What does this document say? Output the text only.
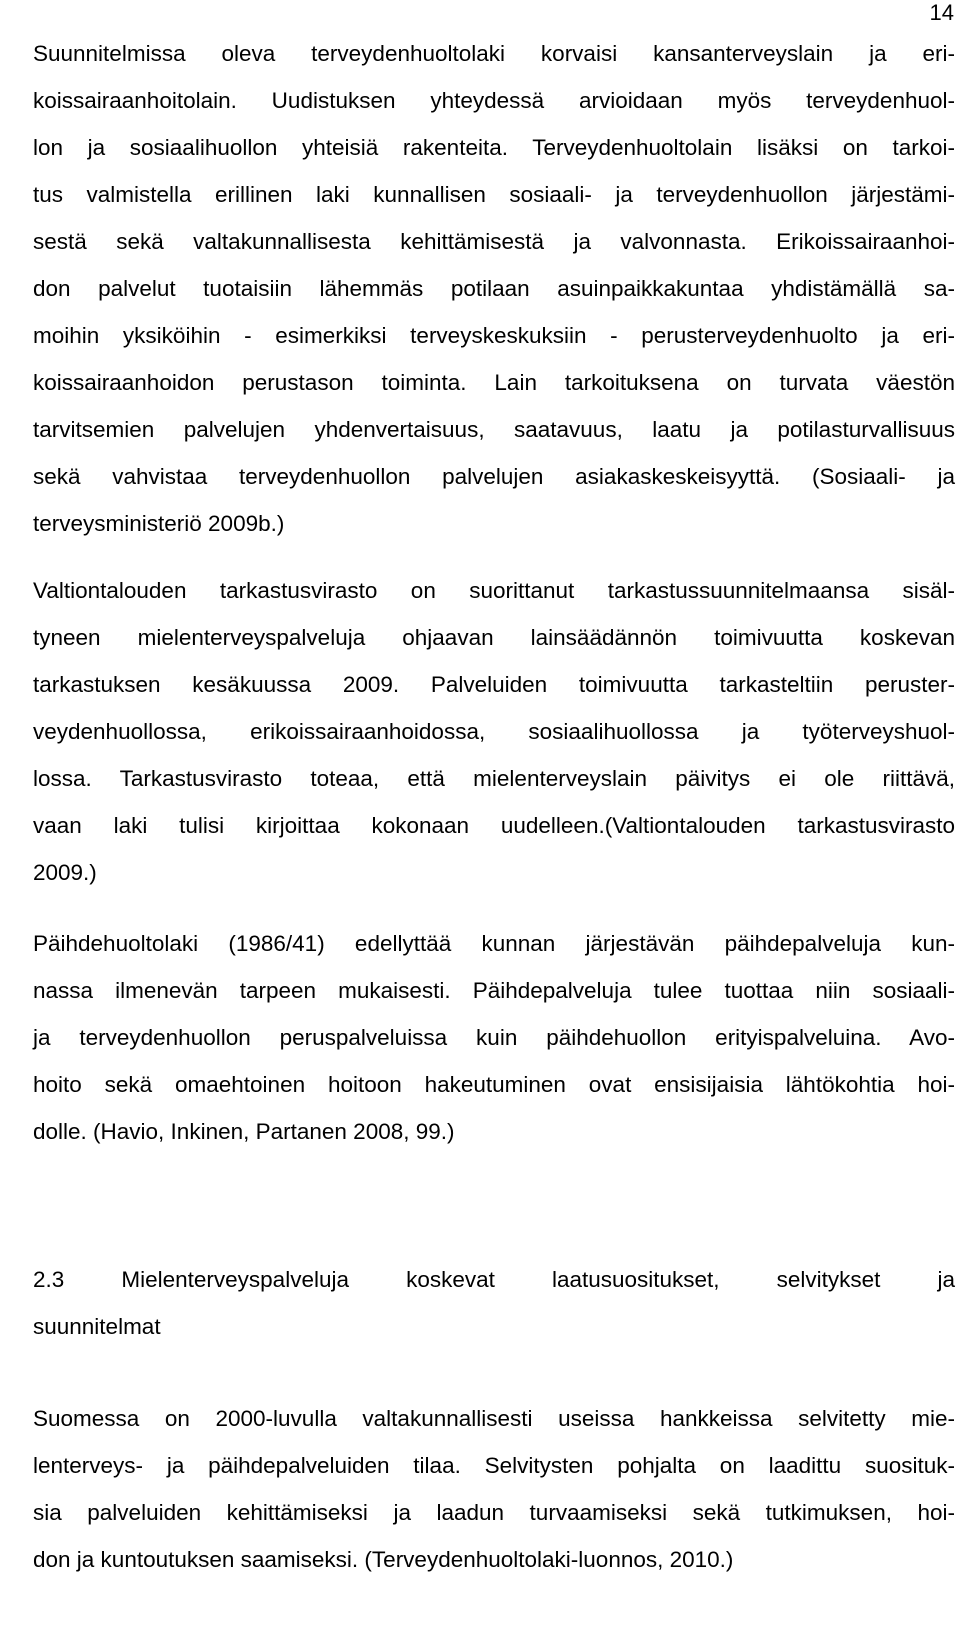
14
Suunnitelmissa oleva terveydenhuoltolaki korvaisi kansanterveyslain ja eri-
koissairaanhoitolain. Uudistuksen yhteydessä arvioidaan myös terveydenhuol-
lon ja sosiaalihuollon yhteisiä rakenteita. Terveydenhuoltolain lisäksi on tarkoi-
tus valmistella erillinen laki kunnallisen sosiaali- ja terveydenhuollon järjestämi-
sestä sekä valtakunnallisesta kehittämisestä ja valvonnasta. Erikoissairaanhoi-
don palvelut tuotaisiin lähemmäs potilaan asuinpaikkakuntaa yhdistämällä sa-
moihin yksiköihin - esimerkiksi terveyskeskuksiin - perusterveydenhuolto ja eri-
koissairaanhoidon perustason toiminta. Lain tarkoituksena on turvata väestön
tarvitsemien palvelujen yhdenvertaisuus, saatavuus, laatu ja potilasturvallisuus
sekä vahvistaa terveydenhuollon palvelujen asiakaskeskeisyyttä. (Sosiaali- ja
terveysministeriö 2009b.)
Valtiontalouden tarkastusvirasto on suorittanut tarkastussuunnitelmaansa sisäl-
tyneen mielenterveyspalveluja ohjaavan lainsäädännön toimivuutta koskevan
tarkastuksen kesäkuussa 2009. Palveluiden toimivuutta tarkasteltiin peruster-
veydenhuollossa, erikoissairaanhoidossa, sosiaalihuollossa ja työterveyshuol-
lossa. Tarkastusvirasto toteaa, että mielenterveyslain päivitys ei ole riittävä,
vaan laki tulisi kirjoittaa kokonaan uudelleen.(Valtiontalouden tarkastusvirasto
2009.)
Päihdehuoltolaki (1986/41) edellyttää kunnan järjestävän päihdepalveluja kun-
nassa ilmenevän tarpeen mukaisesti. Päihdepalveluja tulee tuottaa niin sosiaali-
ja terveydenhuollon peruspalveluissa kuin päihdehuollon erityispalveluina. Avo-
hoito sekä omaehtoinen hoitoon hakeutuminen ovat ensisijaisia lähtökohtia hoi-
dolle. (Havio, Inkinen, Partanen 2008, 99.)
2.3 Mielenterveyspalveluja koskevat laatusuositukset, selvitykset ja
suunnitelmat
Suomessa on 2000-luvulla valtakunnallisesti useissa hankkeissa selvitetty mie-
lenterveys- ja päihdepalveluiden tilaa. Selvitysten pohjalta on laadittu suosituk-
sia palveluiden kehittämiseksi ja laadun turvaamiseksi sekä tutkimuksen, hoi-
don ja kuntoutuksen saamiseksi. (Terveydenhuoltolaki-luonnos, 2010.)
